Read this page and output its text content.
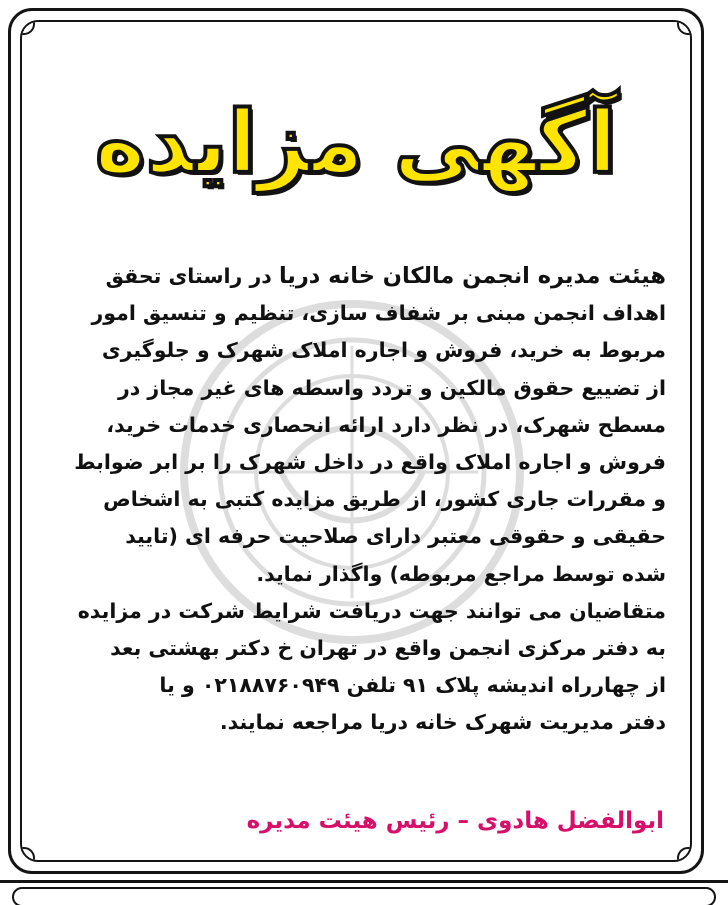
آگهی مزایده
هیئت مدیره انجمن مالکان خانه دریا در راستای تحقق
اهداف انجمن مبنی بر شفاف سازی، تنظیم و تنسیق امور
مربوط به خرید، فروش و اجاره املاک شهرک و جلوگیری
از تضییع حقوق مالکین و تردد واسطه های غیر مجاز در
مسطح شهرک، در نظر دارد ارائه انحصاری خدمات خرید،
فروش و اجاره املاک واقع در داخل شهرک را بر ابر ضوابط
و مقررات جاری کشور، از طریق مزایده کتبی به اشخاص
حقیقی و حقوقی معتبر دارای صلاحیت حرفه ای (تایید
شده توسط مراجع مربوطه) واگذار نماید.
متقاضیان می توانند جهت دریافت شرایط شرکت در مزایده
به دفتر مرکزی انجمن واقع در تهران خ دکتر بهشتی بعد
از چهارراه اندیشه پلاک ۹۱ تلفن ۰۲۱۸۸۷۶۰۹۴۹ و یا
دفتر مدیریت شهرک خانه دریا مراجعه نمایند.
ابوالفضل هادوی – رئیس هیئت مدیره
